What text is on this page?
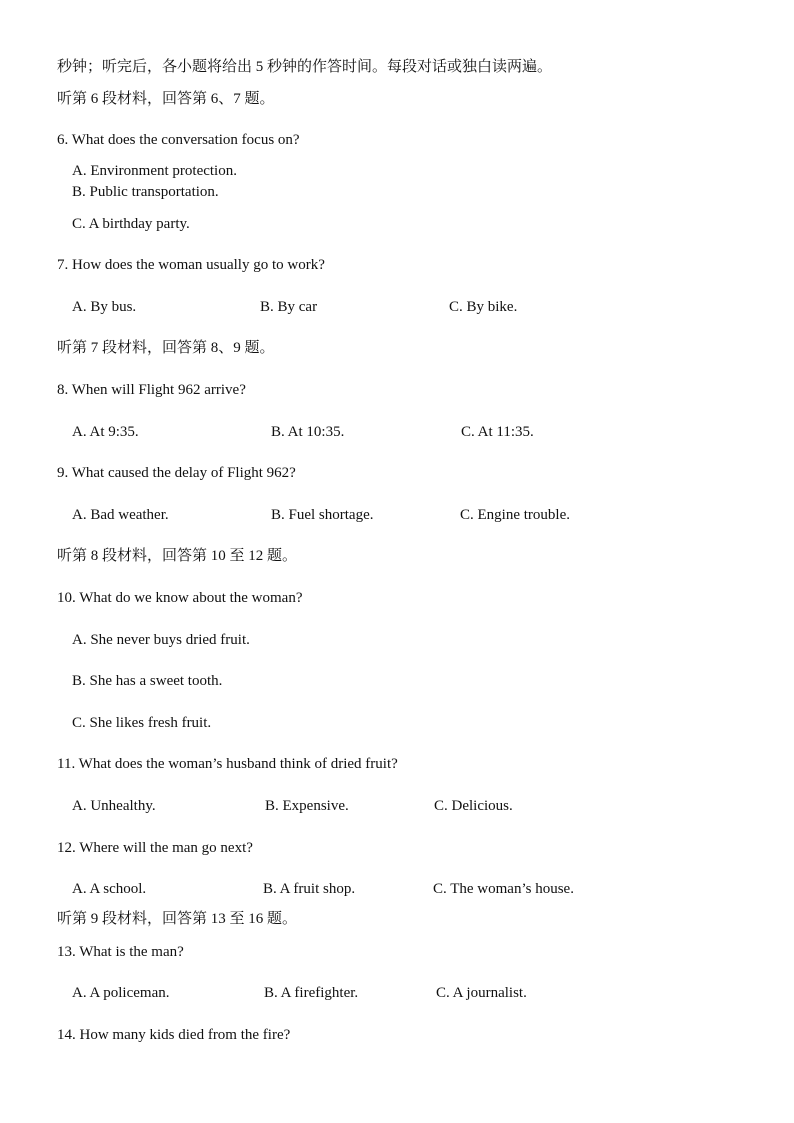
秒钟；听完后，各小题将给出 5 秒钟的作答时间。每段对话或独白读两遍。
听第 6 段材料，回答第 6、7 题。
6. What does the conversation focus on?
A. Environment protection.
B. Public transportation.
C. A birthday party.
7. How does the woman usually go to work?
A. By bus.	B. By car	C. By bike.
听第 7 段材料，回答第 8、9 题。
8. When will Flight 962 arrive?
A. At 9:35.	B. At 10:35.	C. At 11:35.
9. What caused the delay of Flight 962?
A. Bad weather.	B. Fuel shortage.	C. Engine trouble.
听第 8 段材料，回答第 10 至 12 题。
10. What do we know about the woman?
A. She never buys dried fruit.
B. She has a sweet tooth.
C. She likes fresh fruit.
11. What does the woman’s husband think of dried fruit?
A. Unhealthy.	B. Expensive.	C. Delicious.
12. Where will the man go next?
A. A school.	B. A fruit shop.	C. The woman’s house.
听第 9 段材料，回答第 13 至 16 题。
13. What is the man?
A. A policeman.	B. A firefighter.	C. A journalist.
14. How many kids died from the fire?
